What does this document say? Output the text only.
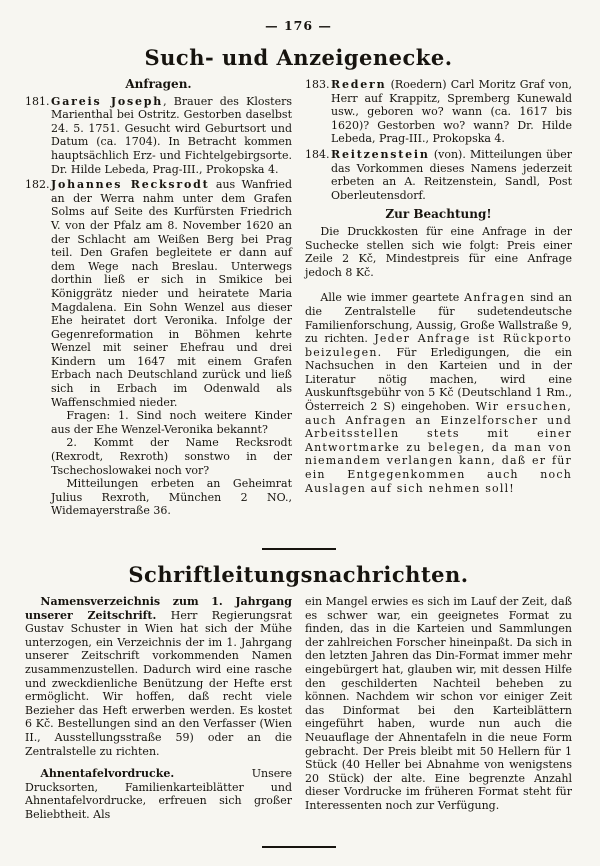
— 176 —
Such- und Anzeigenecke.
Anfragen.
181. Gareis Joseph, Brauer des Klosters Marienthal bei Ostritz. Gestorben daselbst 24. 5. 1751. Gesucht wird Geburtsort und Datum (ca. 1704). In Betracht kommen hauptsächlich Erz- und Fichtelgebirgsorte. Dr. Hilde Lebeda, Prag-III., Prokopska 4.

182. Johannes Recksrodt aus Wanfried an der Werra nahm unter dem Grafen Solms auf Seite des Kurfürsten Friedrich V. von der Pfalz am 8. November 1620 an der Schlacht am Weißen Berg bei Prag teil. Den Grafen begleitete er dann auf dem Wege nach Breslau. Unterwegs dorthin ließ er sich in Smikice bei Königgrätz nieder und heiratete Maria Magdalena. Ein Sohn Wenzel aus dieser Ehe heiratet dort Veronika. Infolge der Gegenreformation in Böhmen kehrte Wenzel mit seiner Ehefrau und drei Kindern um 1647 mit einem Grafen Erbach nach Deutschland zurück und ließ sich in Erbach im Odenwald als Waffenschmied nieder.

Fragen: 1. Sind noch weitere Kinder aus der Ehe Wenzel-Veronika bekannt?

2. Kommt der Name Recksrodt (Rexrodt, Rexroth) sonstwo in der Tschechoslowakei noch vor?

Mitteilungen erbeten an Geheimrat Julius Rexroth, München 2 NO., Widemayerstraße 36.

183. Redern (Roedern) Carl Moritz Graf von, Herr auf Krappitz, Spremberg Kunewald usw., geboren wo? wann (ca. 1617 bis 1620)? Gestorben wo? wann? Dr. Hilde Lebeda, Prag-III., Prokopska 4.

184. Reitzenstein (von). Mitteilungen über das Vorkommen dieses Namens jederzeit erbeten an A. Reitzenstein, Sandl, Post Oberleutensdorf.

Zur Beachtung!

Die Druckkosten für eine Anfrage in der Suchecke stellen sich wie folgt: Preis einer Zeile 2 Kč, Mindestpreis für eine Anfrage jedoch 8 Kč.

Alle wie immer geartete Anfragen sind an die Zentralstelle für sudetendeutsche Familienforschung, Aussig, Große Wallstraße 9, zu richten. Jeder Anfrage ist Rückporto beizulegen. Für Erledigungen, die ein Nachsuchen in den Karteien und in der Literatur nötig machen, wird eine Auskunftsgebühr von 5 Kč (Deutschland 1 Rm., Österreich 2 S) eingehoben. Wir ersuchen, auch Anfragen an Einzelforscher und Arbeitsstellen stets mit einer Antwortmarke zu belegen, da man von niemandem verlangen kann, daß er für ein Entgegenkommen auch noch Auslagen auf sich nehmen soll!

Schriftleitungsnachrichten.

Namensverzeichnis zum 1. Jahrgang unserer Zeitschrift. Herr Regierungsrat Gustav Schuster in Wien hat sich der Mühe unterzogen, ein Verzeichnis der im 1. Jahrgang unserer Zeitschrift vorkommenden Namen zusammenzustellen. Dadurch wird eine rasche und zweckdienliche Benützung der Hefte erst ermöglicht. Wir hoffen, daß recht viele Bezieher das Heft erwerben werden. Es kostet 6 Kč. Bestellungen sind an den Verfasser (Wien II., Ausstellungsstraße 59) oder an die Zentralstelle zu richten.

Ahnentafelvordrucke. Unsere Drucksorten, Familienkarteiblätter und Ahnentafelvordrucke, erfreuen sich großer Beliebtheit. Als

ein Mangel erwies es sich im Lauf der Zeit, daß es schwer war, ein geeignetes Format zu finden, das in die Karteien und Sammlungen der zahlreichen Forscher hineinpaßt. Da sich in den letzten Jahren das Din-Format immer mehr eingebürgert hat, glauben wir, mit dessen Hilfe den geschilderten Nachteil beheben zu können. Nachdem wir schon vor einiger Zeit das Dinformat bei den Karteiblättern eingeführt haben, wurde nun auch die Neuauflage der Ahnentafeln in die neue Form gebracht. Der Preis bleibt mit 50 Hellern für 1 Stück (40 Heller bei Abnahme von wenigstens 20 Stück) der alte. Eine begrenzte Anzahl dieser Vordrucke im früheren Format steht für Interessenten noch zur Verfügung.
